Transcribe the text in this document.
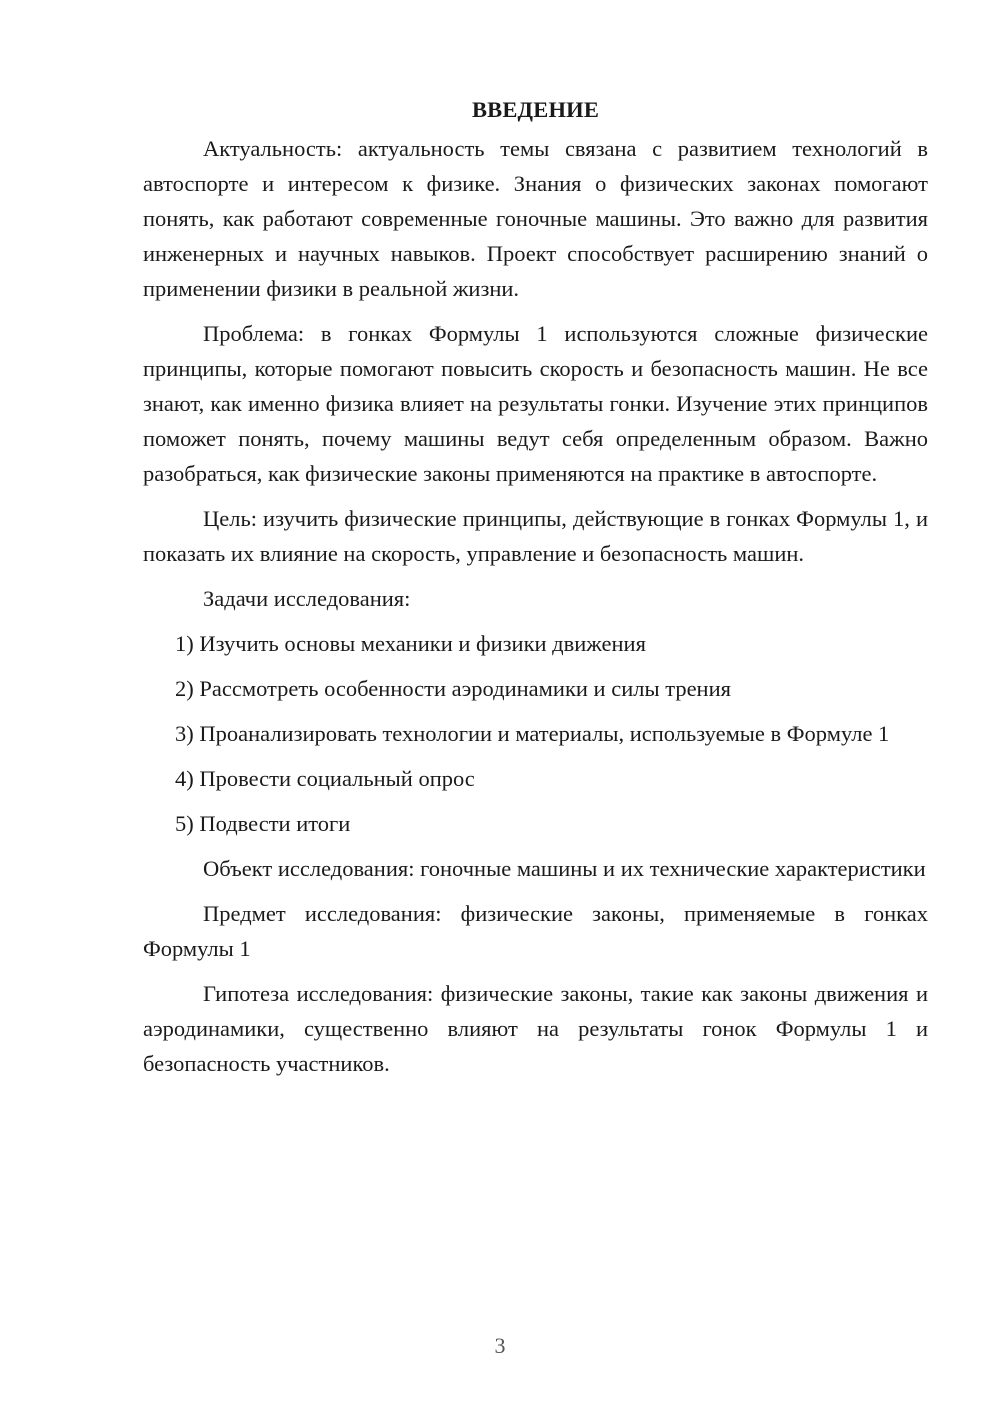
ВВЕДЕНИЕ

Актуальность: актуальность темы связана с развитием технологий в автоспорте и интересом к физике. Знания о физических законах помогают понять, как работают современные гоночные машины. Это важно для развития инженерных и научных навыков. Проект способствует расширению знаний о применении физики в реальной жизни.

Проблема: в гонках Формулы 1 используются сложные физические принципы, которые помогают повысить скорость и безопасность машин. Не все знают, как именно физика влияет на результаты гонки. Изучение этих принципов поможет понять, почему машины ведут себя определенным образом. Важно разобраться, как физические законы применяются на практике в автоспорте.

Цель: изучить физические принципы, действующие в гонках Формулы 1, и показать их влияние на скорость, управление и безопасность машин.

Задачи исследования:

1) Изучить основы механики и физики движения

2) Рассмотреть особенности аэродинамики и силы трения

3) Проанализировать технологии и материалы, используемые в Формуле 1

4) Провести социальный опрос

5) Подвести итоги

Объект исследования: гоночные машины и их технические характеристики

Предмет исследования: физические законы, применяемые в гонках Формулы 1

Гипотеза исследования: физические законы, такие как законы движения и аэродинамики, существенно влияют на результаты гонок Формулы 1 и безопасность участников.

3
